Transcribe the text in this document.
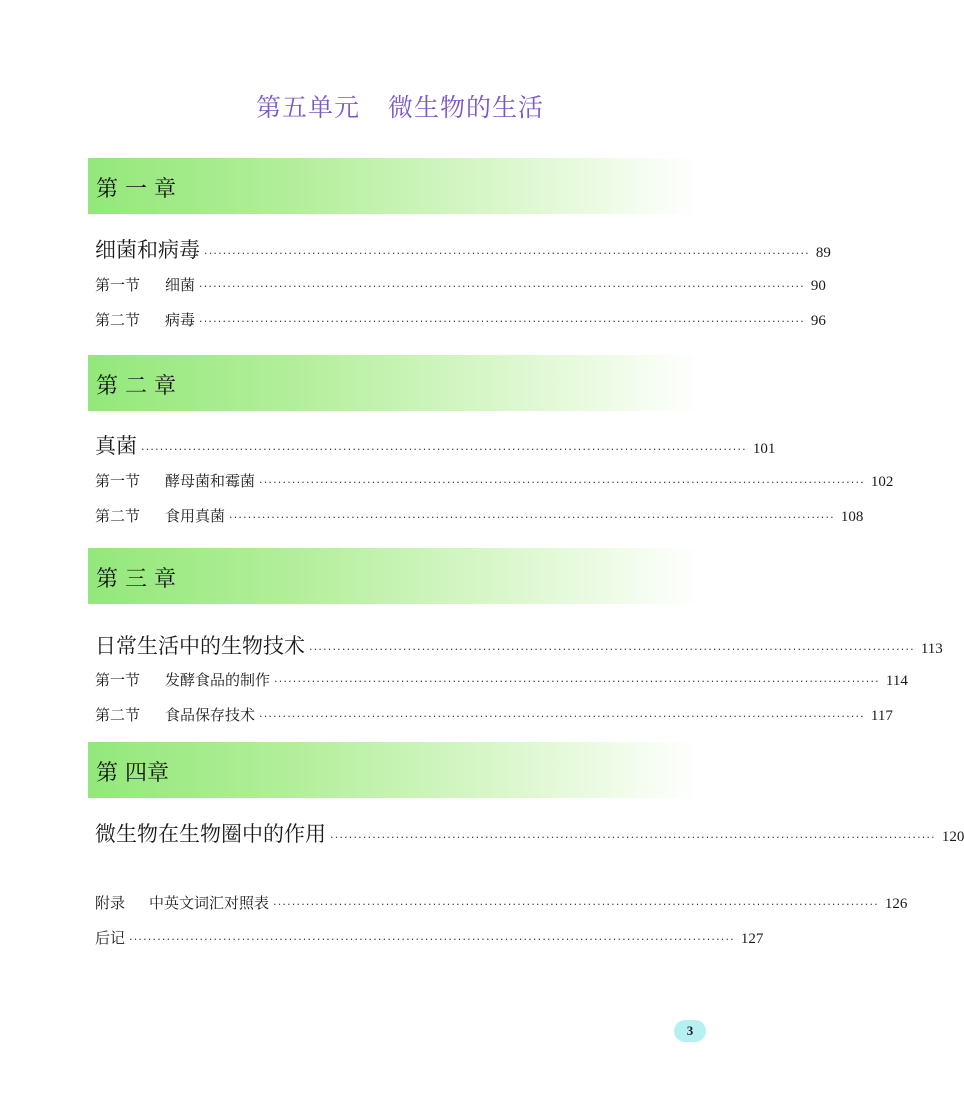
第五单元 微生物的生活
第 一 章
细菌和病毒 ································································································································· 89
第一节 细菌 ································································································································· 90
第二节 病毒 ································································································································· 96
第 二 章
真菌 ································································································································· 101
第一节 酵母菌和霉菌 ································································································································· 102
第二节 食用真菌 ································································································································· 108
第 三 章
日常生活中的生物技术 ································································································································· 113
第一节 发酵食品的制作 ································································································································· 114
第二节 食品保存技术 ································································································································· 117
第 四章
微生物在生物圈中的作用 ································································································································· 120
附录 中英文词汇对照表 ································································································································· 126
后记 ································································································································· 127
3
